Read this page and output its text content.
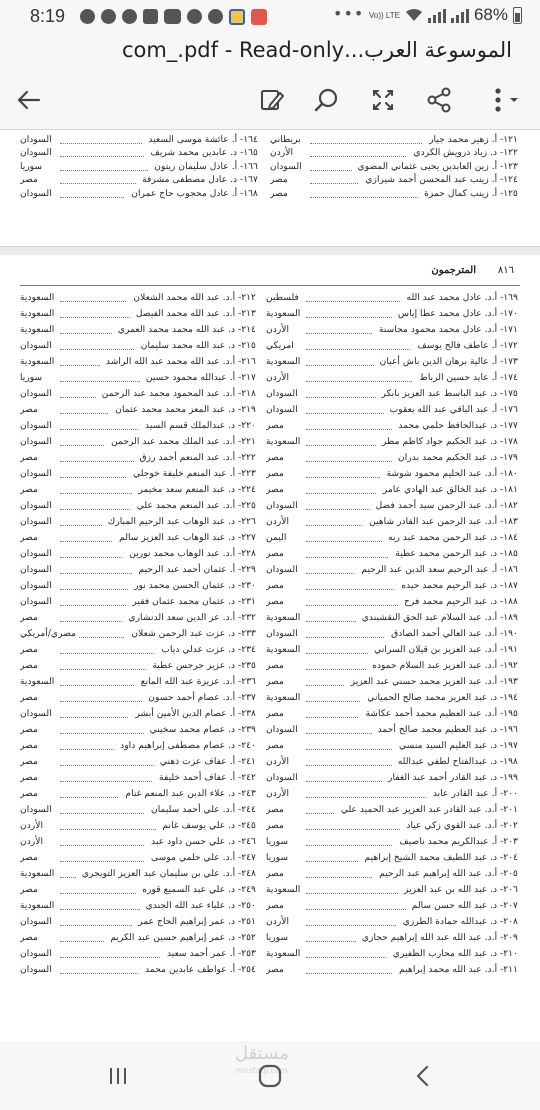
8:19	••• Vo)) LTE	68%
الموسوعة العرب...com_.pdf - Read-only
١٢١- أ. زهير محمد جيار
بريطاني
١٢٢- د. زياد درويش الكردي
الأردن
١٢٣- أ. زين العابدين يحيى عثماني المضوي
السودان
١٢٤- أ. زينب عبد المحسن أحمد شيرازي
مصر
١٢٥- أ. زينب كمال حمزة
مصر
١٦٤- أ. عائشة موسى السعيد
السودان
١٦٥- د. عابدين محمد شريف
السودان
١٦٦- أ. عادل سليمان زيتون
سوريا
١٦٧- د. عادل مصطفى مشرفة
مصر
١٦٨- أ. عادل محجوب حاج عمران
السودان
٨١٦
المترجمون
١٦٩- أ.د. عادل محمد عبد الله
فلسطين
١٧٠- أ.د. عادل محمد عطا إياس
السعودية
١٧١- أ.د. عادل محمد محمود محاسنة
الأردن
١٧٢- أ. عاطف فالح يوسف
امريكي
١٧٣- أ. عالية برهان الدين باش أعيان
السعودية
١٧٤- أ. عايد حسين الرباط
الأردن
١٧٥- د. عبد الباسط عبد العزيز بابكر
السودان
١٧٦- أ. عبد الباقي عبد الله يعقوب
السودان
١٧٧- د. عبدالحافظ حلمي محمد
مصر
١٧٨- د. عبد الحكيم جواد كاظم مطر
السعودية
١٧٩- د. عبد الحكيم محمد بدران
مصر
١٨٠- أ.د. عبد الحليم محمود شوشة
مصر
١٨١- د. عبد الخالق عبد الهادي عامر
مصر
١٨٢- أ.د. عبد الرحمن سيد أحمد فضل
السودان
١٨٣- أ.د. عبد الرحمن عبد القادر شاهين
الأردن
١٨٤- د. عبد الرحمن محمد عبد ربه
اليمن
١٨٥- د. عبد الرحمن محمد عطية
مصر
١٨٦- أ. عبد الرحيم سعد الدين عبد الرحيم
السودان
١٨٧- د. عبد الرحيم محمد حيده
مصر
١٨٨- د. عبد الرحيم محمد فرح
مصر
١٨٩- أ.د. عبد السلام عبد الحق النقشبندي
السعودية
١٩٠- أ.د. عبد العالي أحمد الصادق
السودان
١٩١- أ.د. عبد العزيز بن قيلان السراني
السعودية
١٩٢- أ.د. عبد العزيز عبد السلام حموده
مصر
١٩٣- أ.د. عبد العزيز محمد حسني عبد العزيز
مصر
١٩٤- د. عبد العزيز محمد صالح الحمياني
السعودية
١٩٥- أ.د. عبد العظيم محمد أحمد عكاشة
مصر
١٩٦- د. عبد العظيم محمد صالح أحمد
السودان
١٩٧- د. عبد العليم السيد منسي
مصر
١٩٨- د. عبدالفتاح لطفي عبدالله
الأردن
١٩٩- د. عبد القادر أحمد عبد الغفار
السودان
٢٠٠- أ. عبد القادر عابد
الأردن
٢٠١- أ.د. عبد القادر عبد العزيز عبد الحميد علي
مصر
٢٠٢- أ.د. عبد القوي زكي عياد
مصر
٢٠٣- أ. عبدالكريم محمد ناصيف
سوريا
٢٠٤- د. عبد اللطيف محمد الشيخ إبراهيم
سوريا
٢٠٥- أ.د. عبد الله إبراهيم عبد الرحيم
مصر
٢٠٦- د. عبد الله بن عبد العزيز
السعودية
٢٠٧- د. عبد الله حسن سالم
مصر
٢٠٨- د. عبدالله حمادة الطرزي
الأردن
٢٠٩- أ.د. عبد الله عبد الله إبراهيم حجازي
سوريا
٢١٠- د. عبد الله محارب الظفيري
السعودية
٢١١- أ.د. عبد الله محمد إبراهيم
مصر
٢١٢- أ.د. عبد الله محمد الشعلان
السعودية
٢١٣- أ.د. عبد الله محمد الفيصل
السعودية
٢١٤- د. عبد الله محمد محمد العمري
السعودية
٢١٥- د. عبد الله محمد سليمان
السودان
٢١٦- أ.د. عبد الله محمد عبد الله الراشد
السعودية
٢١٧- أ. عبدالله محمود حسين
سوريا
٢١٨- أ.د. عبد المحمود محمد عبد الرحمن
السودان
٢١٩- د. عبد المعز محمد محمد عثمان
مصر
٢٢٠- د. عبدالملك قسم السيد
السودان
٢٢١- أ.د. عبد الملك محمد عبد الرحمن
السودان
٢٢٢- أ.د. عبد المنعم أحمد رزق
مصر
٢٢٣- أ. عبد المنعم خليفة خوجلي
السودان
٢٢٤- د. عبد المنعم سعد مخيمر
مصر
٢٢٥- أ.د. عبد المنعم محمد علي
السودان
٢٢٦- د. عبد الوهاب عبد الرحيم المبارك
السودان
٢٢٧- د. عبد الوهاب عبد العزيز سالم
مصر
٢٢٨- أ.د. عبد الوهاب محمد نورين
السودان
٢٢٩- أ. عثمان أحمد عبد الرحيم
السودان
٢٣٠- د. عثمان الحسن محمد نور
السودان
٢٣١- د. عثمان محمد عثمان فقير
السودان
٢٣٢- أ.د. عز الدين سعد الدنشاري
مصر
٢٣٣- د. عزت عبد الرحمن شعلان
مصري/أمريكي
٢٣٤- د. عزت عدلي دياب
مصر
٢٣٥- د. عزيز جرجس عطية
مصر
٢٣٦- أ.د. عزيزة عبد الله المانع
السعودية
٢٣٧- أ.د. عصام أحمد حسون
مصر
٢٣٨- أ. عصام الدين الأمين أبشر
السودان
٢٣٩- د. عصام محمد سخيني
مصر
٢٤٠- د. عصام مصطفى إبراهيم داود
مصر
٢٤١- أ. عفاف عزت ذهني
مصر
٢٤٢- أ. عفاف أحمد خليفة
مصر
٢٤٣- د. علاء الدين عبد المنعم غنام
مصر
٢٤٤- أ.د. علي أحمد سليمان
السودان
٢٤٥- د. علي يوسف غانم
الأردن
٢٤٦- د. علي حسن داود عبد
الأردن
٢٤٧- أ.د. علي حلمي موسى
مصر
٢٤٨- أ.د. علي بن سليمان عبد العزيز التويجري
السعودية
٢٤٩- د. علي عبد السميع قوره
مصر
٢٥٠- د. علياء عبد الله الجندي
السعودية
٢٥١- د. عمر إبراهيم الحاج عمر
السودان
٢٥٢- د. عمر إبراهيم حسين عبد الكريم
مصر
٢٥٣- أ. عمر أحمد سعيد
السودان
٢٥٤- أ. عواطف عابدين محمد
السودان
مستقل
mostaql.com
